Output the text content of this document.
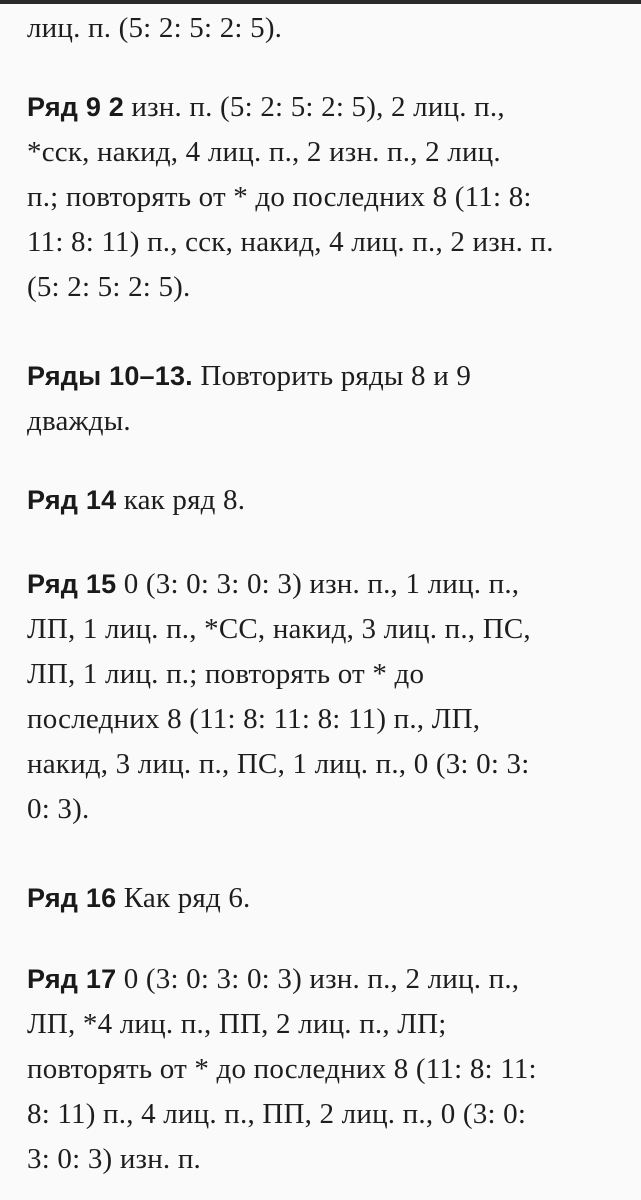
лиц. п. (5: 2: 5: 2: 5).
Ряд 9 2 изн. п. (5: 2: 5: 2: 5), 2 лиц. п.,
*сск, накид, 4 лиц. п., 2 изн. п., 2 лиц.
п.; повторять от * до последних 8 (11: 8:
11: 8: 11) п., сск, накид, 4 лиц. п., 2 изн. п.
(5: 2: 5: 2: 5).
Ряды 10–13. Повторить ряды 8 и 9
дважды.
Ряд 14 как ряд 8.
Ряд 15 0 (3: 0: 3: 0: 3) изн. п., 1 лиц. п.,
ЛП, 1 лиц. п., *СС, накид, 3 лиц. п., ПС,
ЛП, 1 лиц. п.; повторять от * до
последних 8 (11: 8: 11: 8: 11) п., ЛП,
накид, 3 лиц. п., ПС, 1 лиц. п., 0 (3: 0: 3:
0: 3).
Ряд 16 Как ряд 6.
Ряд 17 0 (3: 0: 3: 0: 3) изн. п., 2 лиц. п.,
ЛП, *4 лиц. п., ПП, 2 лиц. п., ЛП;
повторять от * до последних 8 (11: 8: 11:
8: 11) п., 4 лиц. п., ПП, 2 лиц. п., 0 (3: 0:
3: 0: 3) изн. п.
